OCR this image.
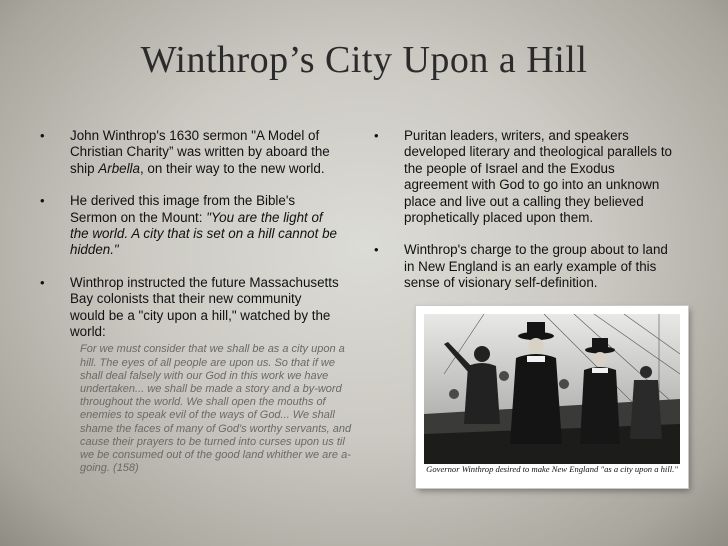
Winthrop’s City Upon a Hill
• John Winthrop's 1630 sermon "A Model of Christian Charity” was written by aboard the ship Arbella, on their way to the new world.
• He derived this image from the Bible's Sermon on the Mount: "You are the light of the world. A city that is set on a hill cannot be hidden."
• Winthrop instructed the future Massachusetts Bay colonists that their new community would be a "city upon a hill," watched by the world:
For we must consider that we shall be as a city upon a hill. The eyes of all people are upon us. So that if we shall deal falsely with our God in this work we have undertaken... we shall be made a story and a by-word throughout the world. We shall open the mouths of enemies to speak evil of the ways of God... We shall shame the faces of many of God's worthy servants, and cause their prayers to be turned into curses upon us til we be consumed out of the good land whither we are a-going. (158)
• Puritan leaders, writers, and speakers developed literary and theological parallels to the people of Israel and the Exodus agreement with God to go into an unknown place and live out a calling they believed prophetically placed upon them.
• Winthrop's charge to the group about to land in New England is an early example of this sense of visionary self-definition.
Governor Winthrop desired to make New England "as a city upon a hill."
